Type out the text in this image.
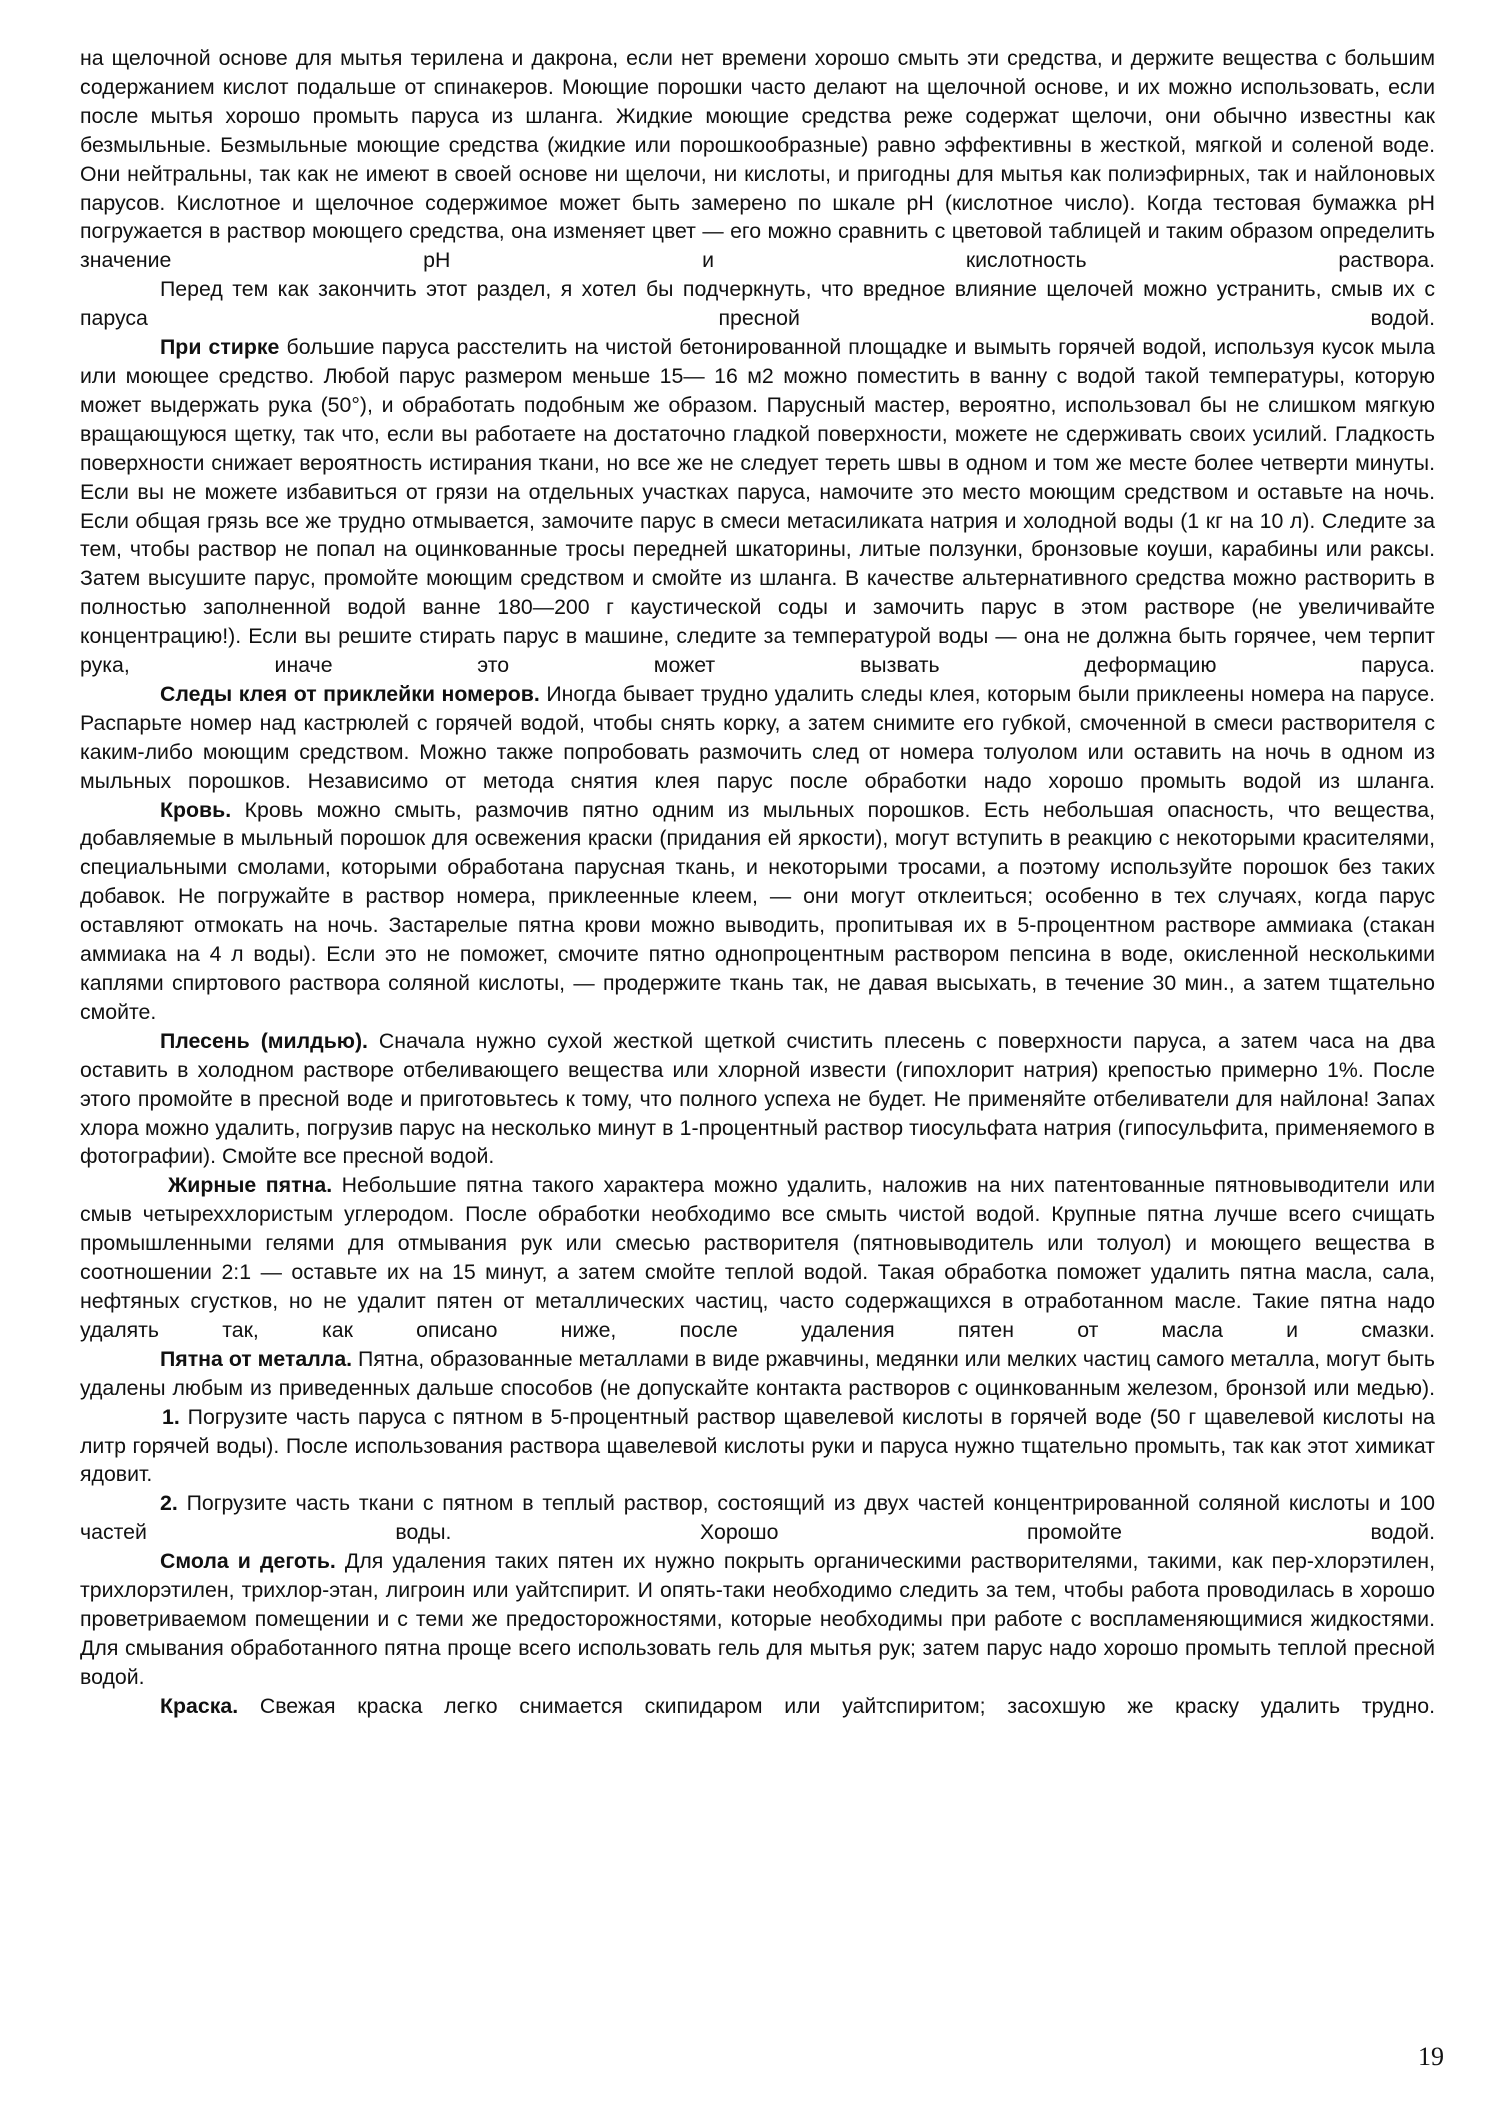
на щелочной основе для мытья терилена и дакрона, если нет времени хорошо смыть эти средства, и держите вещества с большим содержанием кислот подальше от спинакеров. Моющие порошки часто делают на щелочной основе, и их можно использовать, если после мытья хорошо промыть паруса из шланга. Жидкие моющие средства реже содержат щелочи, они обычно известны как безмыльные. Безмыльные моющие средства (жидкие или порошкообразные) равно эффективны в жесткой, мягкой и соленой воде. Они нейтральны, так как не имеют в своей основе ни щелочи, ни кислоты, и пригодны для мытья как полиэфирных, так и найлоновых парусов. Кислотное и щелочное содержимое может быть замерено по шкале pH (кислотное число). Когда тестовая бумажка pH погружается в раствор моющего средства, она изменяет цвет — его можно сравнить с цветовой таблицей и таким образом определить значение pH и кислотность раствора.

Перед тем как закончить этот раздел, я хотел бы подчеркнуть, что вредное влияние щелочей можно устранить, смыв их с паруса пресной водой.

При стирке большие паруса расстелить на чистой бетонированной площадке и вымыть горячей водой, используя кусок мыла или моющее средство. Любой парус размером меньше 15— 16 м2 можно поместить в ванну с водой такой температуры, которую может выдержать рука (50°), и обработать подобным же образом. Парусный мастер, вероятно, использовал бы не слишком мягкую вращающуюся щетку, так что, если вы работаете на достаточно гладкой поверхности, можете не сдерживать своих усилий. Гладкость поверхности снижает вероятность истирания ткани, но все же не следует тереть швы в одном и том же месте более четверти минуты. Если вы не можете избавиться от грязи на отдельных участках паруса, намочите это место моющим средством и оставьте на ночь. Если общая грязь все же трудно отмывается, замочите парус в смеси метасиликата натрия и холодной воды (1 кг на 10 л). Следите за тем, чтобы раствор не попал на оцинкованные тросы передней шкаторины, литые ползунки, бронзовые коуши, карабины или раксы. Затем высушите парус, промойте моющим средством и смойте из шланга. В качестве альтернативного средства можно растворить в полностью заполненной водой ванне 180—200 г каустической соды и замочить парус в этом растворе (не увеличивайте концентрацию!). Если вы решите стирать парус в машине, следите за температурой воды — она не должна быть горячее, чем терпит рука, иначе это может вызвать деформацию паруса.

Следы клея от приклейки номеров. Иногда бывает трудно удалить следы клея, которым были приклеены номера на парусе. Распарьте номер над кастрюлей с горячей водой, чтобы снять корку, а затем снимите его губкой, смоченной в смеси растворителя с каким-либо моющим средством. Можно также попробовать размочить след от номера толуолом или оставить на ночь в одном из мыльных порошков. Независимо от метода снятия клея парус после обработки надо хорошо промыть водой из шланга.

Кровь. Кровь можно смыть, размочив пятно одним из мыльных порошков. Есть небольшая опасность, что вещества, добавляемые в мыльный порошок для освежения краски (придания ей яркости), могут вступить в реакцию с некоторыми красителями, специальными смолами, которыми обработана парусная ткань, и некоторыми тросами, а поэтому используйте порошок без таких добавок. Не погружайте в раствор номера, приклеенные клеем, — они могут отклеиться; особенно в тех случаях, когда парус оставляют отмокать на ночь. Застарелые пятна крови можно выводить, пропитывая их в 5-процентном растворе аммиака (стакан аммиака на 4 л воды). Если это не поможет, смочите пятно однопроцентным раствором пепсина в воде, окисленной несколькими каплями спиртового раствора соляной кислоты, — продержите ткань так, не давая высыхать, в течение 30 мин., а затем тщательно смойте.

Плесень (милдью). Сначала нужно сухой жесткой щеткой счистить плесень с поверхности паруса, а затем часа на два оставить в холодном растворе отбеливающего вещества или хлорной извести (гипохлорит натрия) крепостью примерно 1%. После этого промойте в пресной воде и приготовьтесь к тому, что полного успеха не будет. Не применяйте отбеливатели для найлона! Запах хлора можно удалить, погрузив парус на несколько минут в 1-процентный раствор тиосульфата натрия (гипосульфита, применяемого в фотографии). Смойте все пресной водой.

Жирные пятна. Небольшие пятна такого характера можно удалить, наложив на них патентованные пятновыводители или смыв четыреххлористым углеродом. После обработки необходимо все смыть чистой водой. Крупные пятна лучше всего счищать промышленными гелями для отмывания рук или смесью растворителя (пятновыводитель или толуол) и моющего вещества в соотношении 2:1 — оставьте их на 15 минут, а затем смойте теплой водой. Такая обработка поможет удалить пятна масла, сала, нефтяных сгустков, но не удалит пятен от металлических частиц, часто содержащихся в отработанном масле. Такие пятна надо удалять так, как описано ниже, после удаления пятен от масла и смазки.

Пятна от металла. Пятна, образованные металлами в виде ржавчины, медянки или мелких частиц самого металла, могут быть удалены любым из приведенных дальше способов (не допускайте контакта растворов с оцинкованным железом, бронзой или медью).

1. Погрузите часть паруса с пятном в 5-процентный раствор щавелевой кислоты в горячей воде (50 г щавелевой кислоты на литр горячей воды). После использования раствора щавелевой кислоты руки и паруса нужно тщательно промыть, так как этот химикат ядовит.

2. Погрузите часть ткани с пятном в теплый раствор, состоящий из двух частей концентрированной соляной кислоты и 100 частей воды. Хорошо промойте водой.

Смола и деготь. Для удаления таких пятен их нужно покрыть органическими растворителями, такими, как пер-хлорэтилен, трихлорэтилен, трихлор-этан, лигроин или уайтспирит. И опять-таки необходимо следить за тем, чтобы работа проводилась в хорошо проветриваемом помещении и с теми же предосторожностями, которые необходимы при работе с воспламеняющимися жидкостями. Для смывания обработанного пятна проще всего использовать гель для мытья рук; затем парус надо хорошо промыть теплой пресной водой.

Краска. Свежая краска легко снимается скипидаром или уайтспиритом; засохшую же краску удалить трудно.

19
